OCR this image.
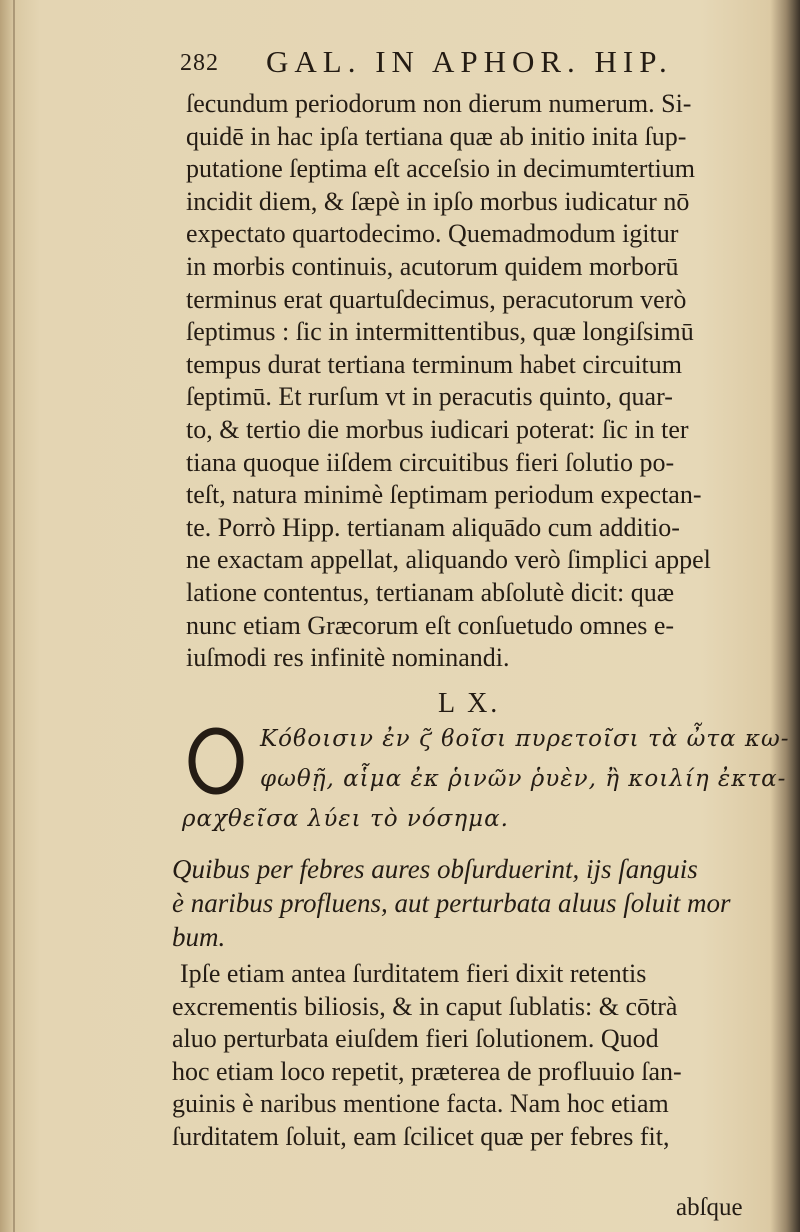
282 GAL. IN APHOR. HIP.
ſecundum periodorum non dierum numerum. Si-
quidē in hac ipſa tertiana quæ ab initio inita ſup-
putatione ſeptima eſt acceſsio in decimumtertium
incidit diem, & ſæpè in ipſo morbus iudicatur nō
expectato quartodecimo. Quemadmodum igitur
in morbis continuis, acutorum quidem morborū
terminus erat quartuſdecimus, peracutorum verò
ſeptimus : ſic in intermittentibus, quæ longiſsimū
tempus durat tertiana terminum habet circuitum
ſeptimū. Et rurſum vt in peracutis quinto, quar-
to, & tertio die morbus iudicari poterat: ſic in ter
tiana quoque iiſdem circuitibus fieri ſolutio po-
teſt, natura minimè ſeptimam periodum expectan-
te. Porrò Hipp. tertianam aliquādo cum additio-
ne exactam appellat, aliquando verò ſimplici appel
latione contentus, tertianam abſolutè dicit: quæ
nunc etiam Græcorum eſt conſuetudo omnes e-
iuſmodi res infinitè nominandi.
L X.
Κόϐοισιν ἐν ϛ̃ ϐοῖσι πυρετοῖσι τὰ ὦτα κω-
φωθῇ, αἷμα ἐκ ῥινῶν ῥυὲν, ἢ κοιλίη ἐκτα-
ραχθεῖσα λύει τὸ νόσημα.
Quibus per febres aures obſurduerint, ijs ſanguis
è naribus profluens, aut perturbata aluus ſoluit mor
bum.
Ipſe etiam antea ſurditatem fieri dixit retentis
excrementis biliosis, & in caput ſublatis: & cōtrà
aluo perturbata eiuſdem fieri ſolutionem. Quod
hoc etiam loco repetit, præterea de profluuio ſan-
guinis è naribus mentione facta. Nam hoc etiam
ſurditatem ſoluit, eam ſcilicet quæ per febres fit,
abſque
